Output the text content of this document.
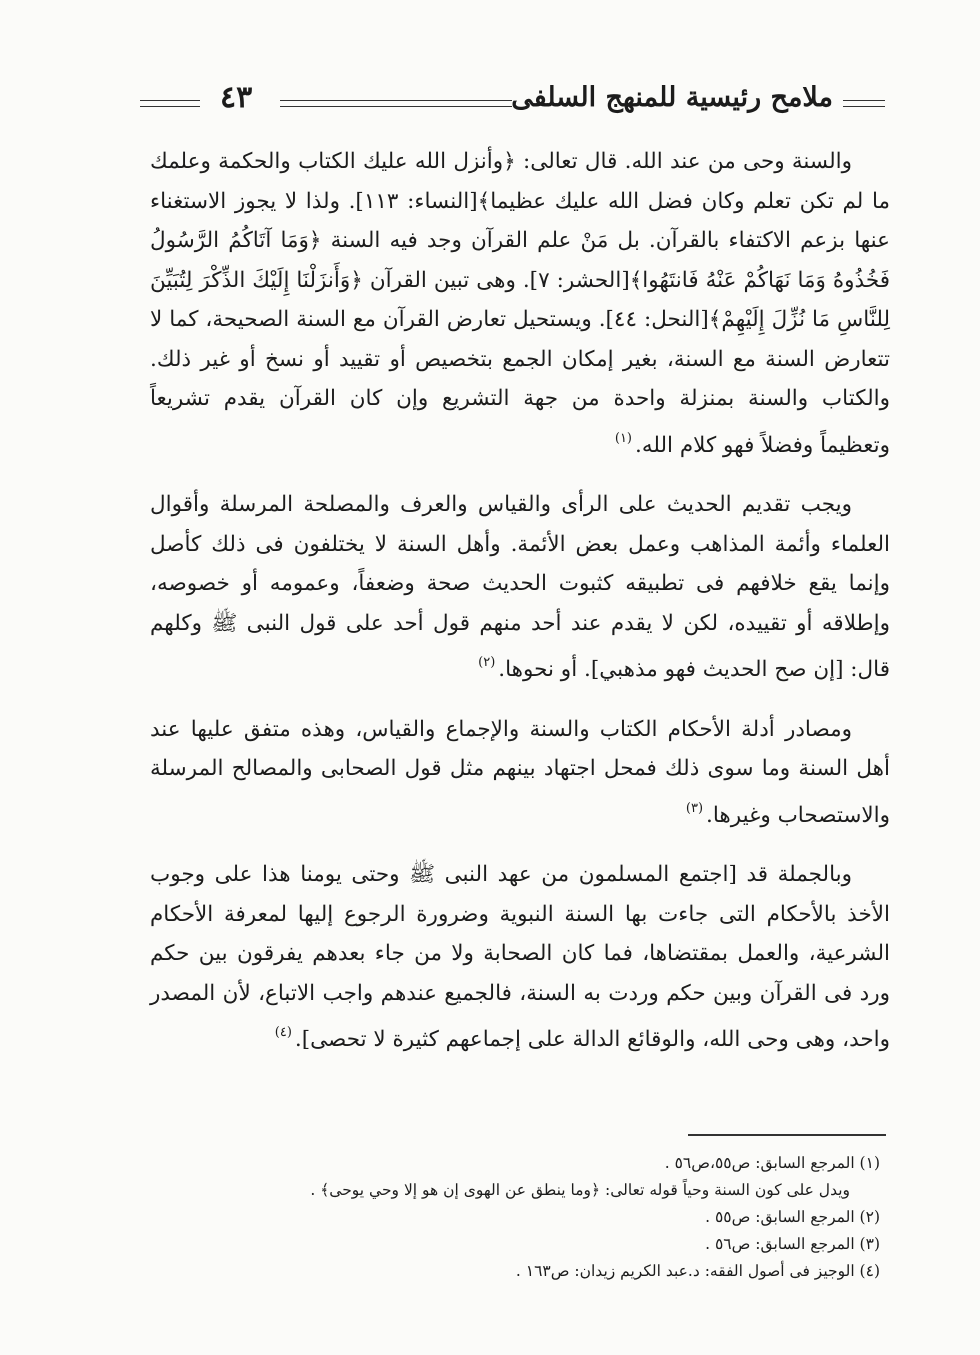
ملامح رئيسية للمنهج السلفى
٤٣

والسنة وحى من عند الله. قال تعالى: ﴿وأنزل الله عليك الكتاب والحكمة وعلمك ما لم تكن تعلم وكان فضل الله عليك عظيما﴾[النساء: ١١٣]. ولذا لا يجوز الاستغناء عنها بزعم الاكتفاء بالقرآن. بل مَنْ علم القرآن وجد فيه السنة ﴿وَمَا آتَاكُمُ الرَّسُولُ فَخُذُوهُ وَمَا نَهَاكُمْ عَنْهُ فَانتَهُوا﴾[الحشر: ٧]. وهى تبين القرآن ﴿وَأَنزَلْنَا إِلَيْكَ الذِّكْرَ لِتُبَيِّنَ لِلنَّاسِ مَا نُزِّلَ إِلَيْهِمْ﴾[النحل: ٤٤]. ويستحيل تعارض القرآن مع السنة الصحيحة، كما لا تتعارض السنة مع السنة، بغير إمكان الجمع بتخصيص أو تقييد أو نسخ أو غير ذلك. والكتاب والسنة بمنزلة واحدة من جهة التشريع وإن كان القرآن يقدم تشريعاً وتعظيماً وفضلاً فهو كلام الله.$^{(١)}$

ويجب تقديم الحديث على الرأى والقياس والعرف والمصلحة المرسلة وأقوال العلماء وأئمة المذاهب وعمل بعض الأئمة. وأهل السنة لا يختلفون فى ذلك كأصل وإنما يقع خلافهم فى تطبيقه كثبوت الحديث صحة وضعفاً، وعمومه أو خصوصه، وإطلاقه أو تقييده، لكن لا يقدم عند أحد منهم قول أحد على قول النبى ﷺ وكلهم قال: [إن صح الحديث فهو مذهبي]. أو نحوها.$^{(٢)}$

ومصادر أدلة الأحكام الكتاب والسنة والإجماع والقياس، وهذه متفق عليها عند أهل السنة وما سوى ذلك فمحل اجتهاد بينهم مثل قول الصحابى والمصالح المرسلة والاستصحاب وغيرها.$^{(٣)}$

وبالجملة قد [اجتمع المسلمون من عهد النبى ﷺ وحتى يومنا هذا على وجوب الأخذ بالأحكام التى جاءت بها السنة النبوية وضرورة الرجوع إليها لمعرفة الأحكام الشرعية، والعمل بمقتضاها، فما كان الصحابة ولا من جاء بعدهم يفرقون بين حكم ورد فى القرآن وبين حكم وردت به السنة، فالجميع عندهم واجب الاتباع، لأن المصدر واحد، وهى وحى الله، والوقائع الدالة على إجماعهم كثيرة لا تحصى].$^{(٤)}$

(١) المرجع السابق: ص٥٥،ص٥٦ .
ويدل على كون السنة وحياً قوله تعالى: ﴿وما ينطق عن الهوى إن هو إلا وحي يوحى﴾ .
(٢) المرجع السابق: ص٥٥ .
(٣) المرجع السابق: ص٥٦ .
(٤) الوجيز فى أصول الفقه: د.عبد الكريم زيدان: ص١٦٣ .
